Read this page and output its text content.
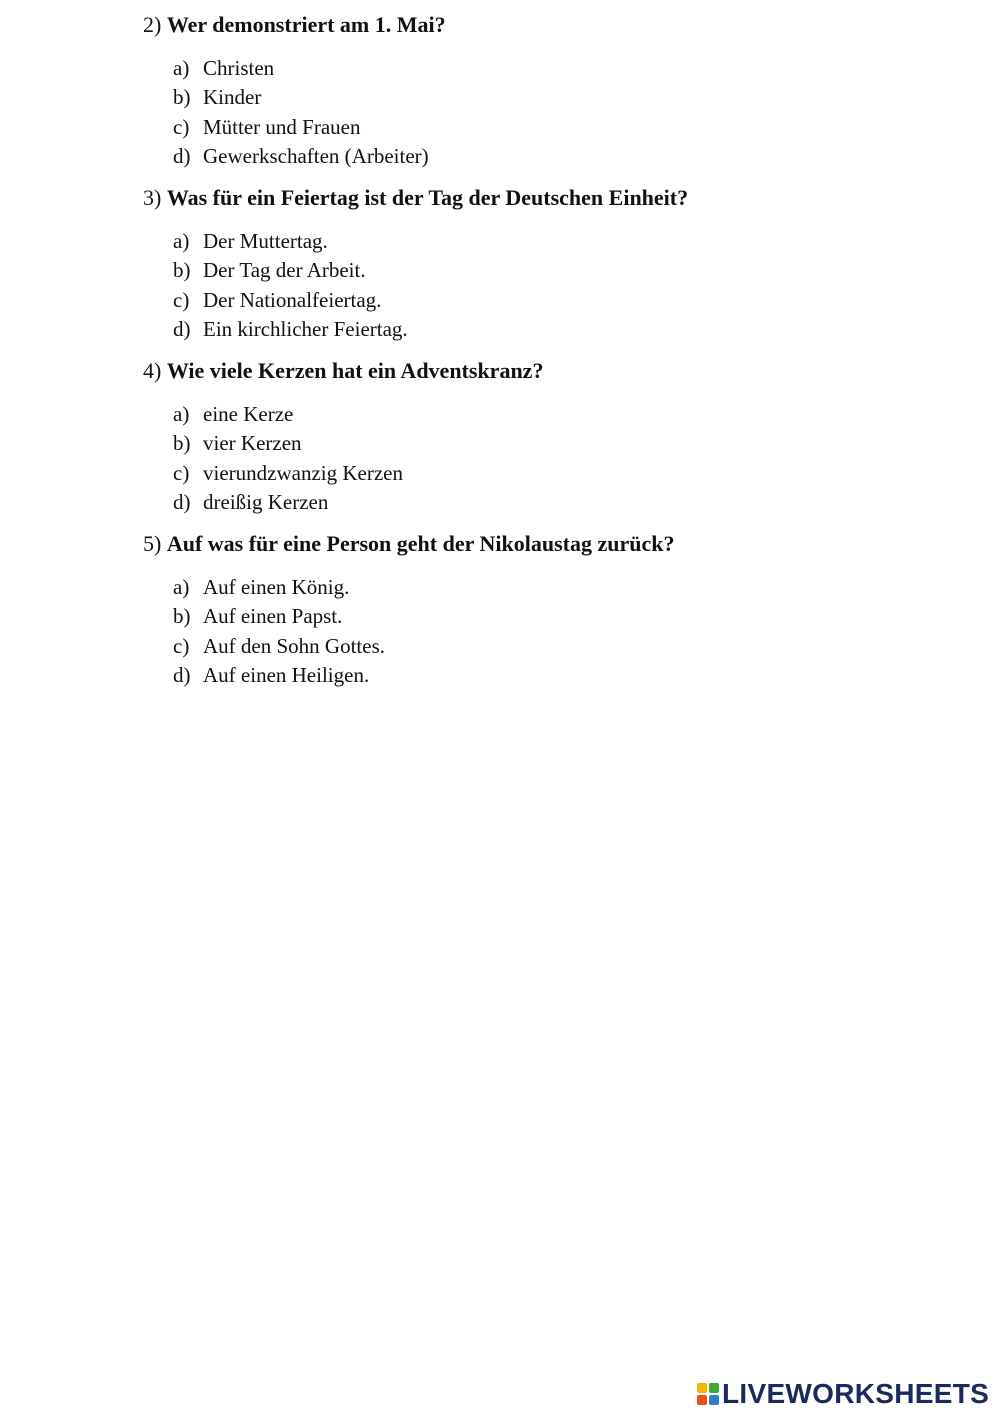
2) Wer demonstriert am 1. Mai?
a) Christen
b) Kinder
c) Mütter und Frauen
d) Gewerkschaften (Arbeiter)
3) Was für ein Feiertag ist der Tag der Deutschen Einheit?
a) Der Muttertag.
b) Der Tag der Arbeit.
c) Der Nationalfeiertag.
d) Ein kirchlicher Feiertag.
4) Wie viele Kerzen hat ein Adventskranz?
a) eine Kerze
b) vier Kerzen
c) vierundzwanzig Kerzen
d) dreißig Kerzen
5) Auf was für eine Person geht der Nikolaustag zurück?
a) Auf einen König.
b) Auf einen Papst.
c) Auf den Sohn Gottes.
d) Auf einen Heiligen.
LIVEWORKSHEETS
